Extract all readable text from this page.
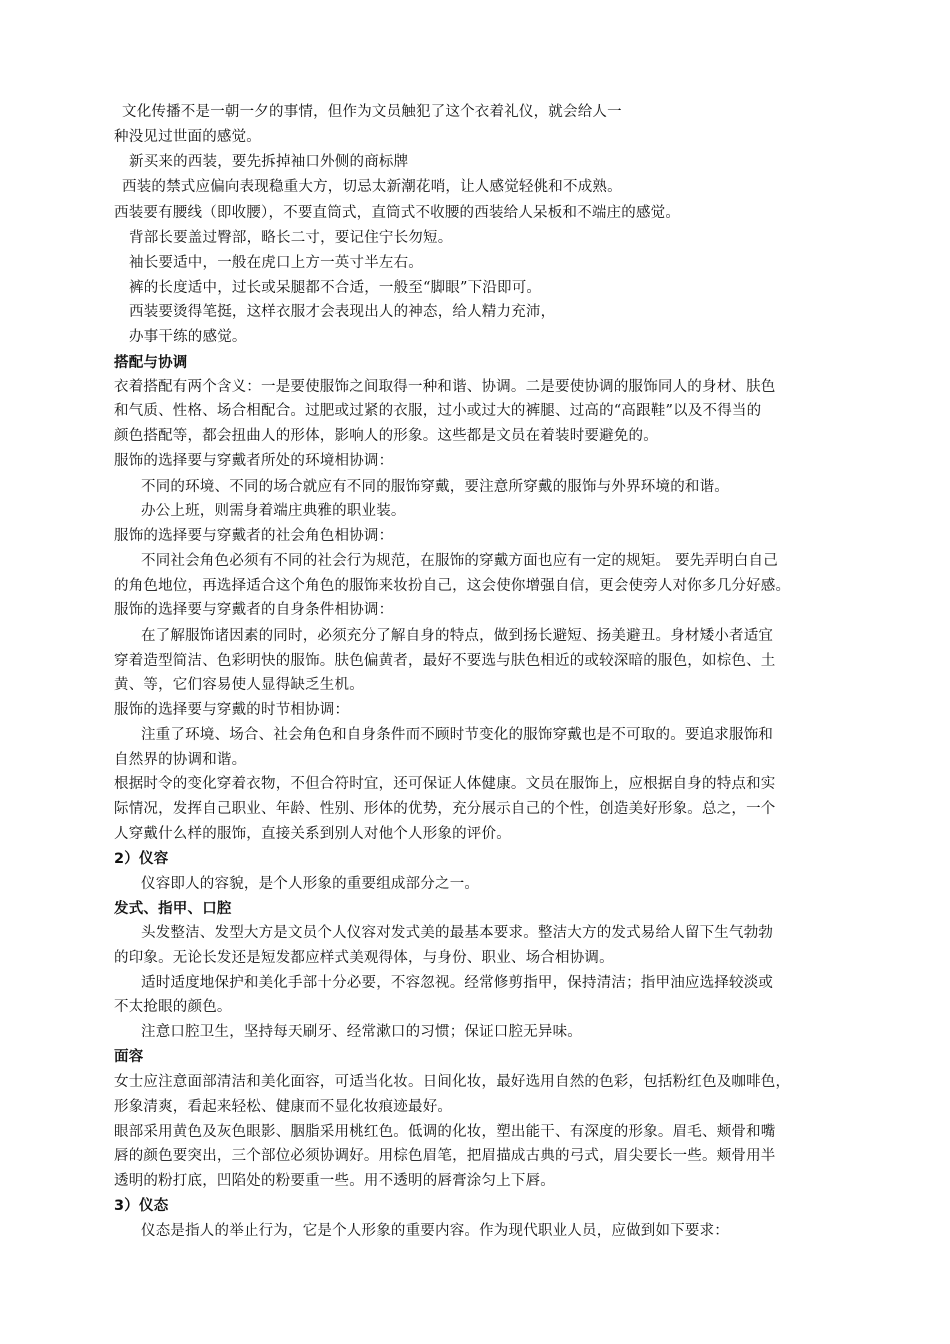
文化传播不是一朝一夕的事情，但作为文员触犯了这个衣着礼仪，就会给人一
种没见过世面的感觉。
新买来的西装，要先拆掉袖口外侧的商标牌
西装的禁式应偏向表现稳重大方，切忌太新潮花哨，让人感觉轻佻和不成熟。
西装要有腰线（即收腰），不要直筒式，直筒式不收腰的西装给人呆板和不端庄的感觉。
背部长要盖过臀部，略长二寸，要记住宁长勿短。
袖长要适中，一般在虎口上方一英寸半左右。
裤的长度适中，过长或呆腿都不合适，一般至“脚眼”下沿即可。
西装要烫得笔挺，这样衣服才会表现出人的神态，给人精力充沛，
办事干练的感觉。
搭配与协调
衣着搭配有两个含义：一是要使服饰之间取得一种和谐、协调。二是要使协调的服饰同人的身材、肤色
和气质、性格、场合相配合。过肥或过紧的衣服，过小或过大的裤腿、过高的“高跟鞋”以及不得当的
颜色搭配等，都会扭曲人的形体，影响人的形象。这些都是文员在着装时要避免的。
服饰的选择要与穿戴者所处的环境相协调：
不同的环境、不同的场合就应有不同的服饰穿戴，要注意所穿戴的服饰与外界环境的和谐。
办公上班，则需身着端庄典雅的职业装。
服饰的选择要与穿戴者的社会角色相协调：
不同社会角色必须有不同的社会行为规范，在服饰的穿戴方面也应有一定的规矩。 要先弄明白自己
的角色地位，再选择适合这个角色的服饰来妆扮自己，这会使你增强自信，更会使旁人对你多几分好感。
服饰的选择要与穿戴者的自身条件相协调：
在了解服饰诸因素的同时，必须充分了解自身的特点，做到扬长避短、扬美避丑。身材矮小者适宜
穿着造型简洁、色彩明快的服饰。肤色偏黄者，最好不要选与肤色相近的或较深暗的服色，如棕色、土
黄、等，它们容易使人显得缺乏生机。
服饰的选择要与穿戴的时节相协调：
注重了环境、场合、社会角色和自身条件而不顾时节变化的服饰穿戴也是不可取的。要追求服饰和
自然界的协调和谐。
根据时令的变化穿着衣物，不但合符时宜，还可保证人体健康。文员在服饰上，应根据自身的特点和实
际情况，发挥自己职业、年龄、性别、形体的优势，充分展示自己的个性，创造美好形象。总之，一个
人穿戴什么样的服饰，直接关系到别人对他个人形象的评价。
2）仪容
仪容即人的容貌，是个人形象的重要组成部分之一。
发式、指甲、口腔
头发整洁、发型大方是文员个人仪容对发式美的最基本要求。整洁大方的发式易给人留下生气勃勃
的印象。无论长发还是短发都应样式美观得体，与身份、职业、场合相协调。
适时适度地保护和美化手部十分必要，不容忽视。经常修剪指甲，保持清洁；指甲油应选择较淡或
不太抢眼的颜色。
注意口腔卫生，坚持每天刷牙、经常漱口的习惯；保证口腔无异味。
面容
女士应注意面部清洁和美化面容，可适当化妆。日间化妆，最好选用自然的色彩，包括粉红色及咖啡色，
形象清爽，看起来轻松、健康而不显化妆痕迹最好。
眼部采用黄色及灰色眼影、胭脂采用桃红色。低调的化妆，塑出能干、有深度的形象。眉毛、颊骨和嘴
唇的颜色要突出，三个部位必须协调好。用棕色眉笔，把眉描成古典的弓式，眉尖要长一些。颊骨用半
透明的粉打底，凹陷处的粉要重一些。用不透明的唇膏涂匀上下唇。
3）仪态
仪态是指人的举止行为，它是个人形象的重要内容。作为现代职业人员，应做到如下要求：
